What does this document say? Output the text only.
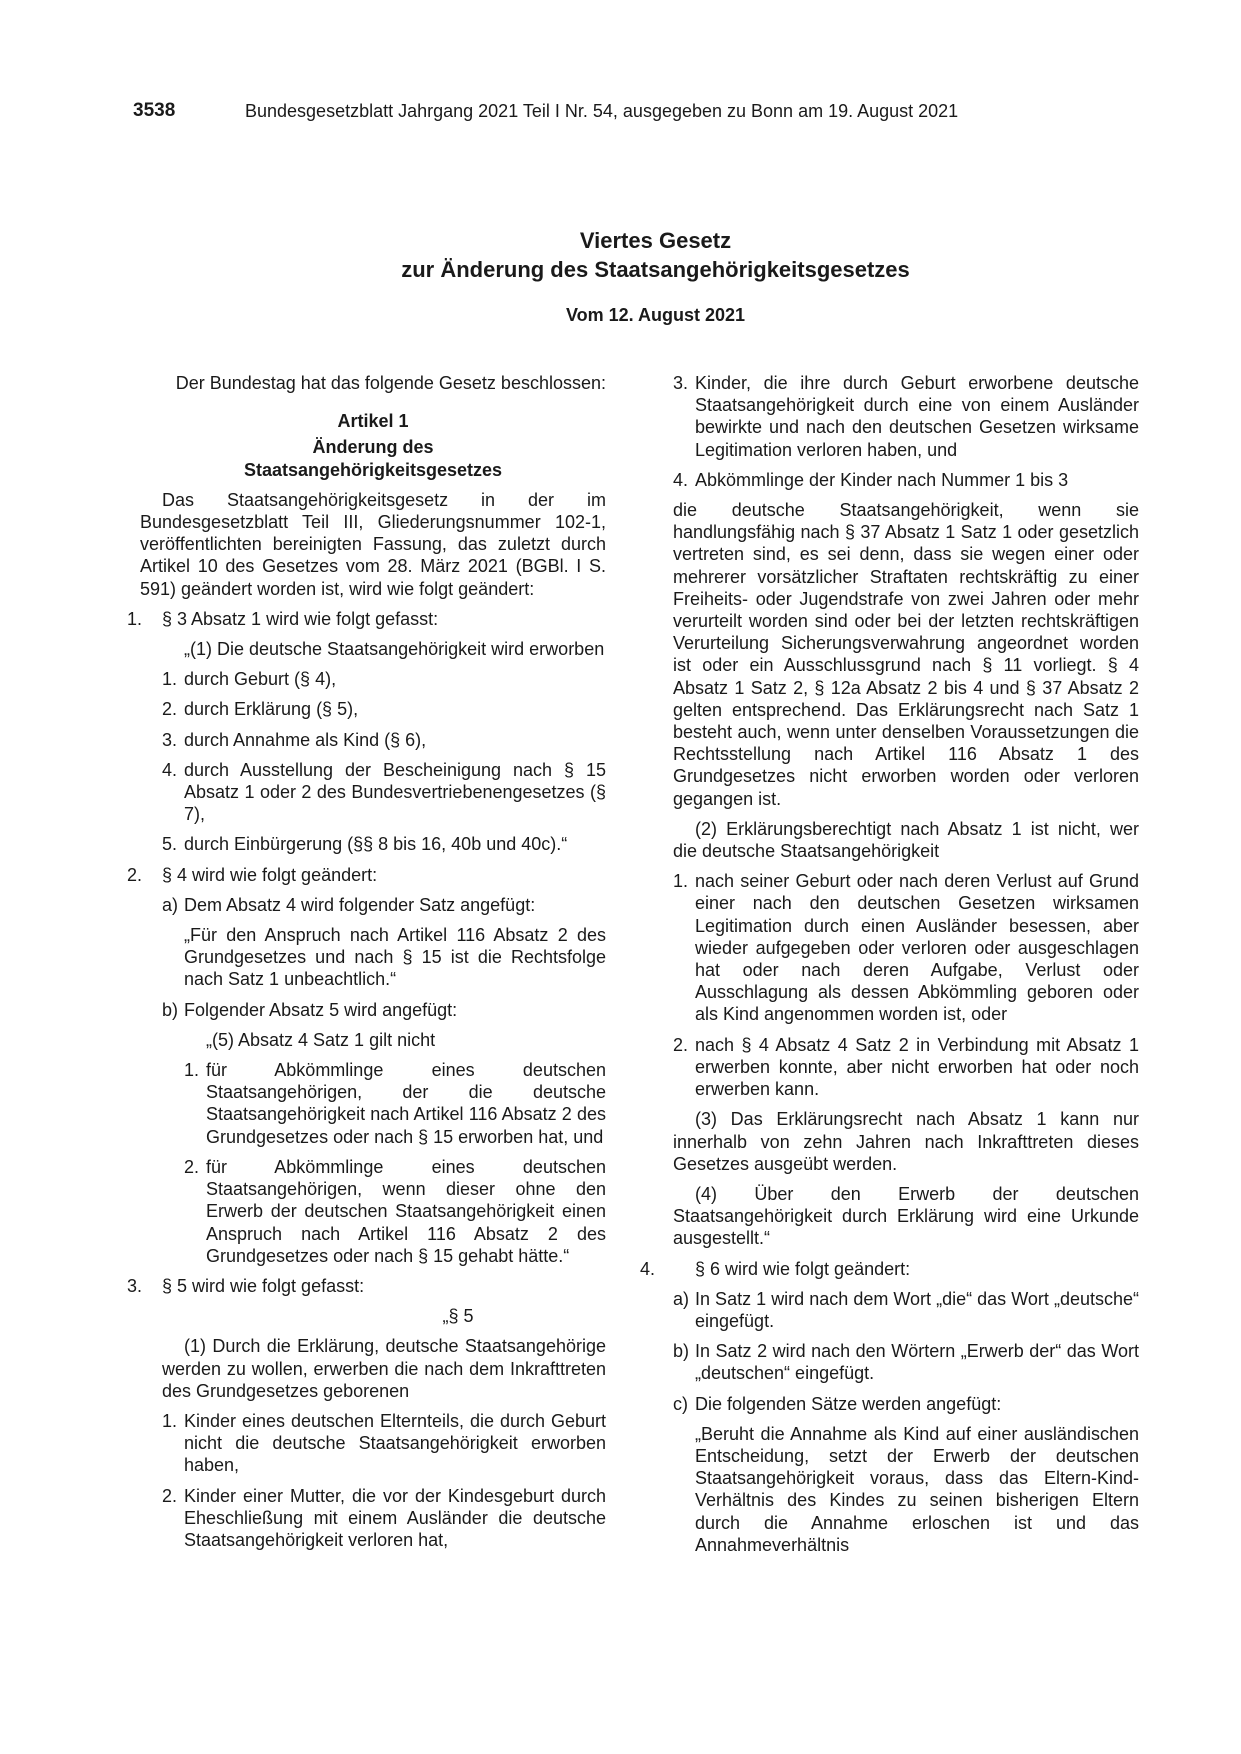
3538	Bundesgesetzblatt Jahrgang 2021 Teil I Nr. 54, ausgegeben zu Bonn am 19. August 2021
Viertes Gesetz
zur Änderung des Staatsangehörigkeitsgesetzes
Vom 12. August 2021
Der Bundestag hat das folgende Gesetz beschlossen:
Artikel 1
Änderung des
Staatsangehörigkeitsgesetzes

Das Staatsangehörigkeitsgesetz in der im Bundesgesetzblatt Teil III, Gliederungsnummer 102-1, veröffentlichten bereinigten Fassung, das zuletzt durch Artikel 10 des Gesetzes vom 28. März 2021 (BGBl. I S. 591) geändert worden ist, wird wie folgt geändert:

1. § 3 Absatz 1 wird wie folgt gefasst:

„(1) Die deutsche Staatsangehörigkeit wird erworben

1. durch Geburt (§ 4),
2. durch Erklärung (§ 5),
3. durch Annahme als Kind (§ 6),
4. durch Ausstellung der Bescheinigung nach § 15 Absatz 1 oder 2 des Bundesvertriebenengesetzes (§ 7),
5. durch Einbürgerung (§§ 8 bis 16, 40b und 40c).“
2. § 4 wird wie folgt geändert:
a) Dem Absatz 4 wird folgender Satz angefügt:
„Für den Anspruch nach Artikel 116 Absatz 2 des Grundgesetzes und nach § 15 ist die Rechtsfolge nach Satz 1 unbeachtlich.“
b) Folgender Absatz 5 wird angefügt:

„(5) Absatz 4 Satz 1 gilt nicht

1. für Abkömmlinge eines deutschen Staatsangehörigen, der die deutsche Staatsangehörigkeit nach Artikel 116 Absatz 2 des Grundgesetzes oder nach § 15 erworben hat, und
2. für Abkömmlinge eines deutschen Staatsangehörigen, wenn dieser ohne den Erwerb der deutschen Staatsangehörigkeit einen Anspruch nach Artikel 116 Absatz 2 des Grundgesetzes oder nach § 15 gehabt hätte.“
3. § 5 wird wie folgt gefasst:
„§ 5

(1) Durch die Erklärung, deutsche Staatsangehörige werden zu wollen, erwerben die nach dem Inkrafttreten des Grundgesetzes geborenen

1. Kinder eines deutschen Elternteils, die durch Geburt nicht die deutsche Staatsangehörigkeit erworben haben,
2. Kinder einer Mutter, die vor der Kindesgeburt durch Eheschließung mit einem Ausländer die deutsche Staatsangehörigkeit verloren hat,
3. Kinder, die ihre durch Geburt erworbene deutsche Staatsangehörigkeit durch eine von einem Ausländer bewirkte und nach den deutschen Gesetzen wirksame Legitimation verloren haben, und
4. Abkömmlinge der Kinder nach Nummer 1 bis 3

die deutsche Staatsangehörigkeit, wenn sie handlungsfähig nach § 37 Absatz 1 Satz 1 oder gesetzlich vertreten sind, es sei denn, dass sie wegen einer oder mehrerer vorsätzlicher Straftaten rechtskräftig zu einer Freiheits- oder Jugendstrafe von zwei Jahren oder mehr verurteilt worden sind oder bei der letzten rechtskräftigen Verurteilung Sicherungsverwahrung angeordnet worden ist oder ein Ausschlussgrund nach § 11 vorliegt. § 4 Absatz 1 Satz 2, § 12a Absatz 2 bis 4 und § 37 Absatz 2 gelten entsprechend. Das Erklärungsrecht nach Satz 1 besteht auch, wenn unter denselben Voraussetzungen die Rechtsstellung nach Artikel 116 Absatz 1 des Grundgesetzes nicht erworben worden oder verloren gegangen ist.

(2) Erklärungsberechtigt nach Absatz 1 ist nicht, wer die deutsche Staatsangehörigkeit

1. nach seiner Geburt oder nach deren Verlust auf Grund einer nach den deutschen Gesetzen wirksamen Legitimation durch einen Ausländer besessen, aber wieder aufgegeben oder verloren oder ausgeschlagen hat oder nach deren Aufgabe, Verlust oder Ausschlagung als dessen Abkömmling geboren oder als Kind angenommen worden ist, oder
2. nach § 4 Absatz 4 Satz 2 in Verbindung mit Absatz 1 erwerben konnte, aber nicht erworben hat oder noch erwerben kann.

(3) Das Erklärungsrecht nach Absatz 1 kann nur innerhalb von zehn Jahren nach Inkrafttreten dieses Gesetzes ausgeübt werden.

(4) Über den Erwerb der deutschen Staatsangehörigkeit durch Erklärung wird eine Urkunde ausgestellt.“

4. § 6 wird wie folgt geändert:
a) In Satz 1 wird nach dem Wort „die“ das Wort „deutsche“ eingefügt.
b) In Satz 2 wird nach den Wörtern „Erwerb der“ das Wort „deutschen“ eingefügt.
c) Die folgenden Sätze werden angefügt:
„Beruht die Annahme als Kind auf einer ausländischen Entscheidung, setzt der Erwerb der deutschen Staatsangehörigkeit voraus, dass das Eltern-Kind-Verhältnis des Kindes zu seinen bisherigen Eltern durch die Annahme erloschen ist und das Annahmeverhältnis
